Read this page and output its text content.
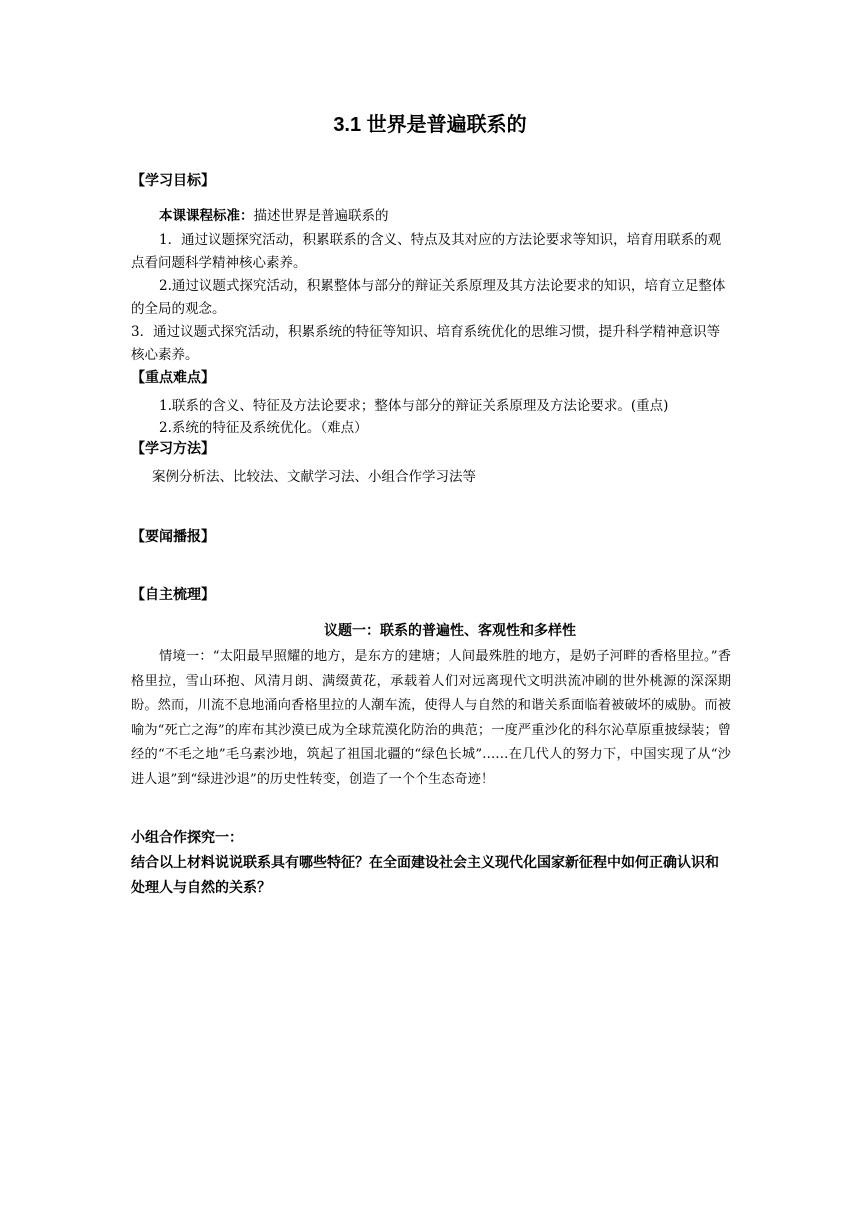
3.1 世界是普遍联系的
【学习目标】
本课课程标准：描述世界是普遍联系的
1．通过议题探究活动，积累联系的含义、特点及其对应的方法论要求等知识，培育用联系的观点看问题科学精神核心素养。
2.通过议题式探究活动，积累整体与部分的辩证关系原理及其方法论要求的知识，培育立足整体的全局的观念。
3．通过议题式探究活动，积累系统的特征等知识、培育系统优化的思维习惯，提升科学精神意识等核心素养。
【重点难点】
1.联系的含义、特征及方法论要求；整体与部分的辩证关系原理及方法论要求。(重点)
2.系统的特征及系统优化。（难点）
【学习方法】
案例分析法、比较法、文献学习法、小组合作学习法等
【要闻播报】
【自主梳理】
议题一：联系的普遍性、客观性和多样性
情境一：“太阳最早照耀的地方，是东方的建塘；人间最殊胜的地方，是奶子河畔的香格里拉。”香格里拉，雪山环抱、风清月朗、满缀黄花，承载着人们对远离现代文明洪流冲刷的世外桃源的深深期盼。然而，川流不息地涌向香格里拉的人潮车流，使得人与自然的和谐关系面临着被破坏的威胁。而被喻为“死亡之海”的库布其沙漠已成为全球荒漠化防治的典范；一度严重沙化的科尔沁草原重披绿装；曾经的“不毛之地”毛乌素沙地，筑起了祖国北疆的“绿色长城”……在几代人的努力下，中国实现了从“沙进人退”到“绿进沙退”的历史性转变，创造了一个个生态奇迹！
小组合作探究一：
结合以上材料说说联系具有哪些特征？在全面建设社会主义现代化国家新征程中如何正确认识和处理人与自然的关系？
